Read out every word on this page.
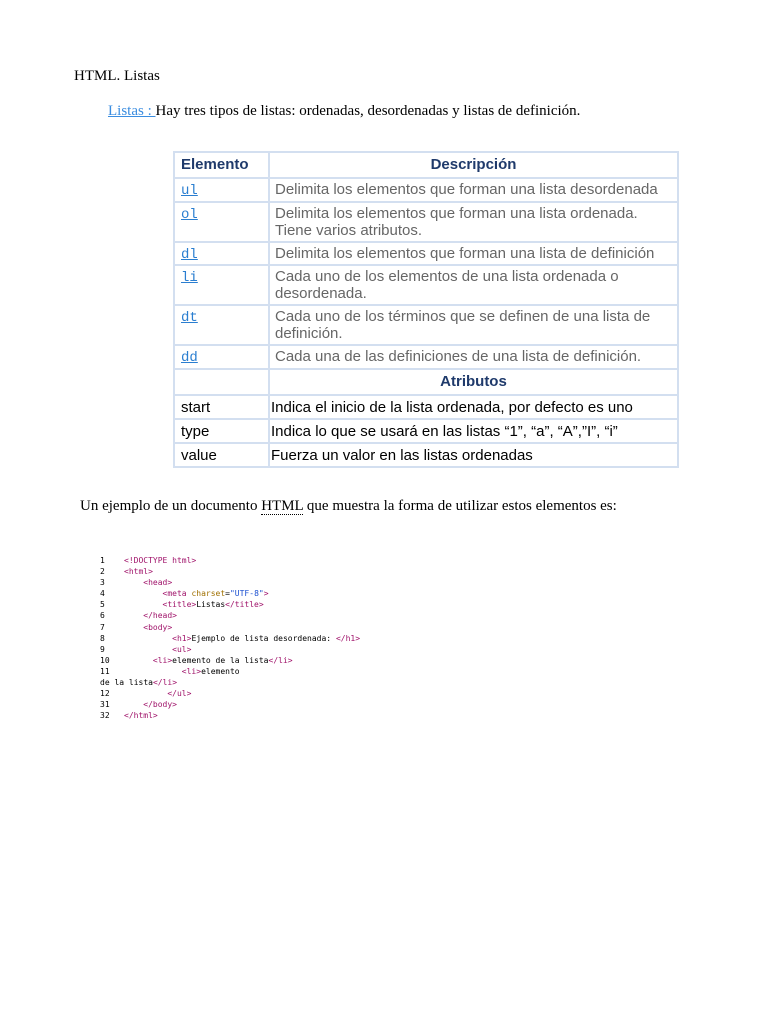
HTML. Listas
Listas : Hay tres tipos de listas: ordenadas, desordenadas y listas de definición.
Elemento	Descripción
ul	Delimita los elementos que forman una lista desordenada
ol	Delimita los elementos que forman una lista ordenada. Tiene varios atributos.
dl	Delimita los elementos que forman una lista de definición
li	Cada uno de los elementos de una lista ordenada o desordenada.
dt	Cada uno de los términos que se definen de una lista de definición.
dd	Cada una de las definiciones de una lista de definición.
	Atributos
start	Indica el inicio de la lista ordenada, por defecto es uno
type	Indica lo que se usará en las listas “1”, “a”, “A”,”I”, “i”
value	Fuerza un valor en las listas ordenadas
Un ejemplo de un documento HTML que muestra la forma de utilizar estos elementos es:
1 <!DOCTYPE html>
2 <html>
3	<head>
4	<meta charset="UTF-8">
5	<title>Listas</title>
6	</head>
7	<body>
8	<h1>Ejemplo de lista desordenada: </h1>
9	<ul>
10	<li>elemento de la lista</li>
11	<li>elemento
de la lista</li>
12	</ul>
31	</body>
32 </html>
